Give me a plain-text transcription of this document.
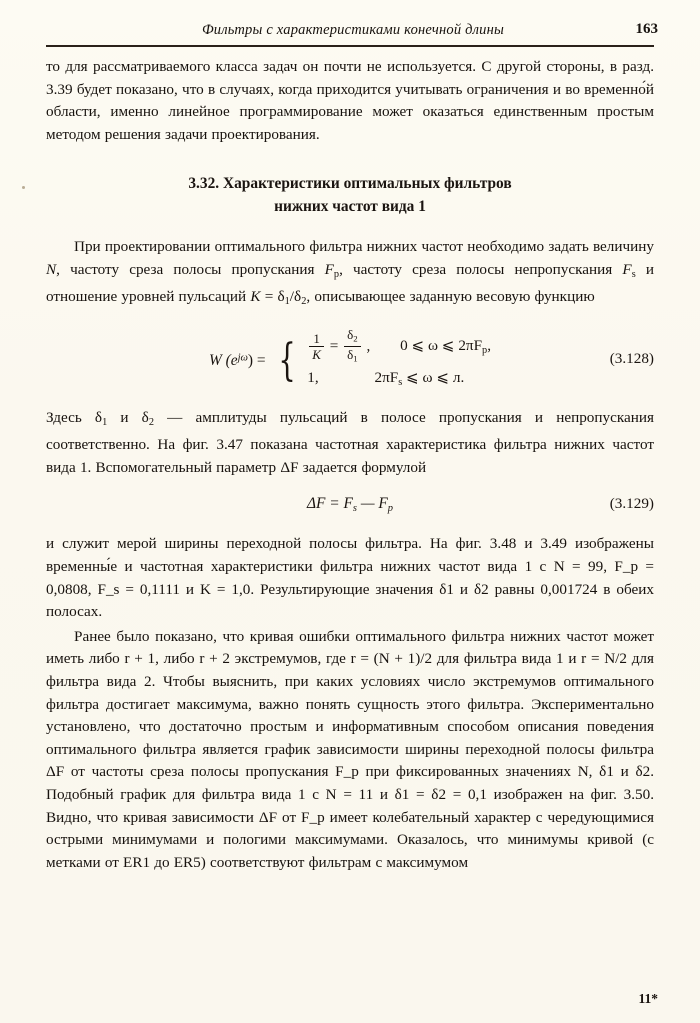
Фильтры с характеристиками конечной длины	163

то для рассматриваемого класса задач он почти не используется. С другой стороны, в разд. 3.39 будет показано, что в случаях, когда приходится учитывать ограничения и во временно́й области, именно линейное программирование может оказаться единственным простым методом решения задачи проектирования.

3.32. Характеристики оптимальных фильтров
нижних частот вида 1

При проектировании оптимального фильтра нижних частот необходимо задать величину N, частоту среза полосы пропускания $F_p$, частоту среза полосы непропускания $F_s$ и отношение уровней пульсаций $K = \delta_1/\delta_2$, описывающее заданную весовую функцию

W $(e^{j\omega})$ = { $\frac{1}{K} = \frac{\delta_2}{\delta_1}$ , 0 ⩽ ω ⩽ $2\pi F_p$,
1,	$2\pi F_s$ ⩽ ω ⩽ л.
(3.128)

Здесь $\delta_1$ и $\delta_2$ — амплитуды пульсаций в полосе пропускания и непропускания соответственно. На фиг. 3.47 показана частотная характеристика фильтра нижних частот вида 1. Вспомогательный параметр ΔF задается формулой

$\Delta F = F_s$ — $F_p$	(3.129)

и служит мерой ширины переходной полосы фильтра. На фиг. 3.48 и 3.49 изображены временны́е и частотная характеристики фильтра нижних частот вида 1 с N = 99, F_p = 0,0808, F_s = 0,1111 и K = 1,0. Результирующие значения δ1 и δ2 равны 0,001724 в обеих полосах.

Ранее было показано, что кривая ошибки оптимального фильтра нижних частот может иметь либо r + 1, либо r + 2 экстремумов, где r = (N + 1)/2 для фильтра вида 1 и r = N/2 для фильтра вида 2. Чтобы выяснить, при каких условиях число экстремумов оптимального фильтра достигает максимума, важно понять сущность этого фильтра. Экспериментально установлено, что достаточно простым и информативным способом описания поведения оптимального фильтра является график зависимости ширины переходной полосы фильтра ΔF от частоты среза полосы пропускания F_p при фиксированных значениях N, δ1 и δ2. Подобный график для фильтра вида 1 с N = 11 и δ1 = δ2 = 0,1 изображен на фиг. 3.50. Видно, что кривая зависимости ΔF от F_p имеет колебательный характер с чередующимися острыми минимумами и пологими максимумами. Оказалось, что минимумы кривой (с метками от ER1 до ER5) соответствуют фильтрам с максимумом

11*
